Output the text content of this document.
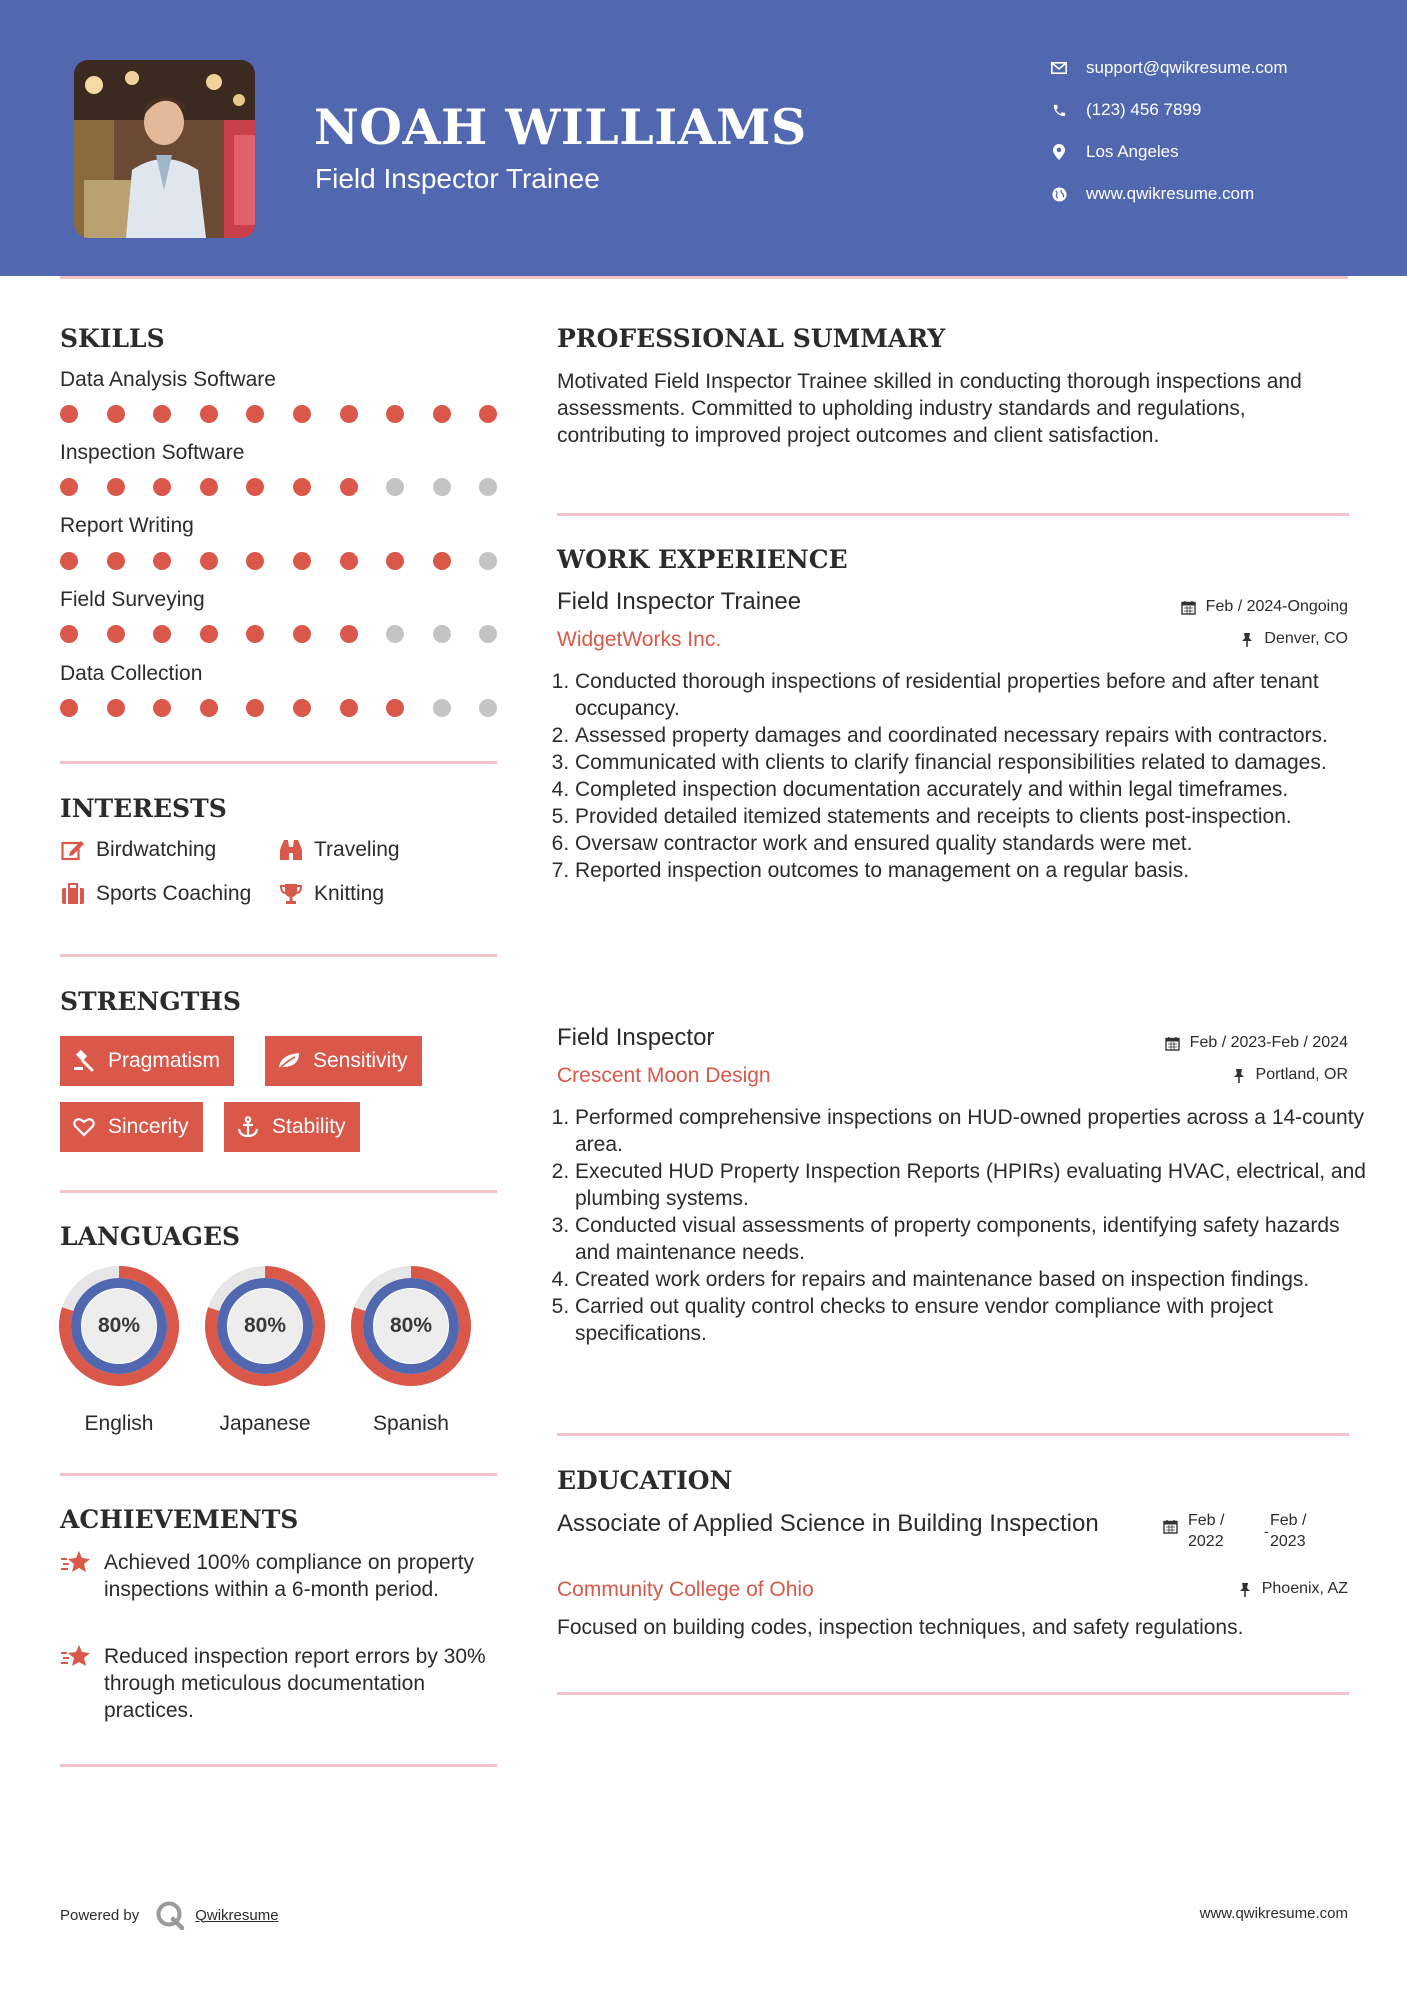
NOAH WILLIAMS
Field Inspector Trainee
support@qwikresume.com
(123) 456 7899
Los Angeles
www.qwikresume.com
SKILLS
Data Analysis Software
Inspection Software
Report Writing
Field Surveying
Data Collection
INTERESTS
Birdwatching	Traveling
Sports Coaching	Knitting
STRENGTHS
Pragmatism	Sensitivity
Sincerity	Stability
LANGUAGES
80%
English
80%
Japanese
80%
Spanish
ACHIEVEMENTS
Achieved 100% compliance on property inspections within a 6-month period.
Reduced inspection report errors by 30% through meticulous documentation practices.
PROFESSIONAL SUMMARY
Motivated Field Inspector Trainee skilled in conducting thorough inspections and assessments. Committed to upholding industry standards and regulations, contributing to improved project outcomes and client satisfaction.
WORK EXPERIENCE
Field Inspector Trainee	Feb / 2024-Ongoing
WidgetWorks Inc.	Denver, CO
1. Conducted thorough inspections of residential properties before and after tenant occupancy.
2. Assessed property damages and coordinated necessary repairs with contractors.
3. Communicated with clients to clarify financial responsibilities related to damages.
4. Completed inspection documentation accurately and within legal timeframes.
5. Provided detailed itemized statements and receipts to clients post-inspection.
6. Oversaw contractor work and ensured quality standards were met.
7. Reported inspection outcomes to management on a regular basis.
Field Inspector	Feb / 2023-Feb / 2024
Crescent Moon Design	Portland, OR
1. Performed comprehensive inspections on HUD-owned properties across a 14-county area.
2. Executed HUD Property Inspection Reports (HPIRs) evaluating HVAC, electrical, and plumbing systems.
3. Conducted visual assessments of property components, identifying safety hazards and maintenance needs.
4. Created work orders for repairs and maintenance based on inspection findings.
5. Carried out quality control checks to ensure vendor compliance with project specifications.
EDUCATION
Associate of Applied Science in Building Inspection	Feb / 2022
-
Feb / 2023
Community College of Ohio	Phoenix, AZ
Focused on building codes, inspection techniques, and safety regulations.
Powered by	Qwikresume	www.qwikresume.com
